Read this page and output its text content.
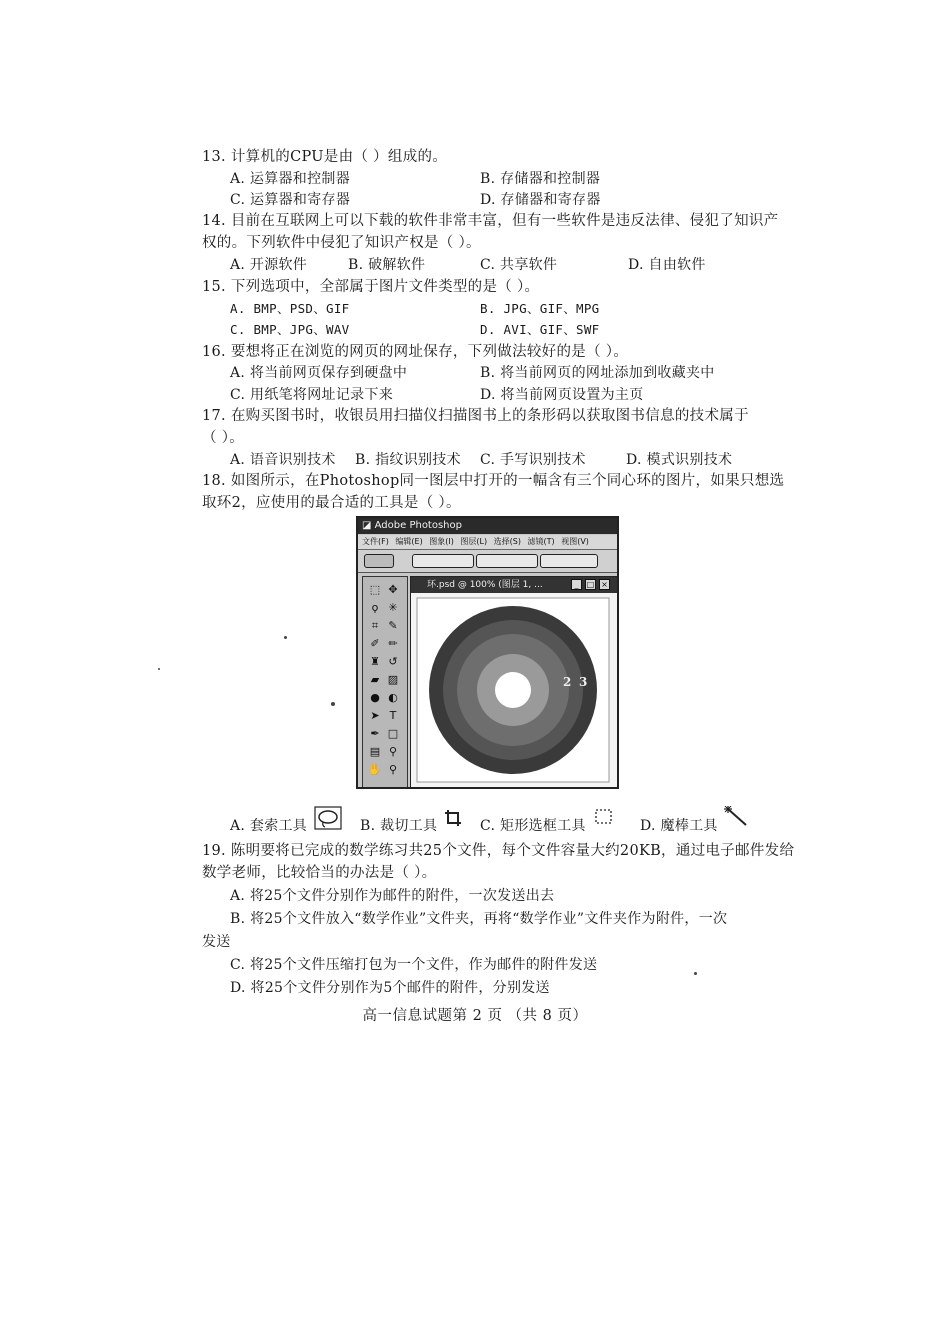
13. 计算机的CPU是由（ ）组成的。
A. 运算器和控制器	B. 存储器和控制器
C. 运算器和寄存器	D. 存储器和寄存器
14. 目前在互联网上可以下载的软件非常丰富，但有一些软件是违反法律、侵犯了知识产
权的。下列软件中侵犯了知识产权是（ ）。
A. 开源软件	B. 破解软件	C. 共享软件	D. 自由软件
15. 下列选项中，全部属于图片文件类型的是（ ）。
A. BMP、PSD、GIF	B. JPG、GIF、MPG
C. BMP、JPG、WAV	D. AVI、GIF、SWF
16. 要想将正在浏览的网页的网址保存，下列做法较好的是（ ）。
A. 将当前网页保存到硬盘中	B. 将当前网页的网址添加到收藏夹中
C. 用纸笔将网址记录下来	D. 将当前网页设置为主页
17. 在购买图书时，收银员用扫描仪扫描图书上的条形码以获取图书信息的技术属于
（ ）。
A. 语音识别技术 B. 指纹识别技术 C. 手写识别技术	D. 模式识别技术
18. 如图所示，在Photoshop同一图层中打开的一幅含有三个同心环的图片，如果只想选
取环2，应使用的最合适的工具是（ ）。
◪ Adobe Photoshop
文件(F) 编辑(E) 图象(I) 图层(L) 选择(S) 滤镜(T) 视图(V)
⬚ ✥
ϙ ✳
⌗ ✎
✐ ✏
♜ ↺
▰ ▨
● ◐
➤ T
✒ □
▤ ⚲
✋ ⚲
环.psd @ 100% (图层 1, ...	_	□ ×
2 3
A. 套索工具	B. 裁切工具	C. 矩形选框工具	D. 魔棒工具
19. 陈明要将已完成的数学练习共25个文件，每个文件容量大约20KB，通过电子邮件发给
数学老师，比较恰当的办法是（ ）。
A. 将25个文件分别作为邮件的附件，一次发送出去
B. 将25个文件放入“数学作业”文件夹，再将“数学作业”文件夹作为附件，一次
发送
C. 将25个文件压缩打包为一个文件，作为邮件的附件发送
D. 将25个文件分别作为5个邮件的附件，分别发送
高一信息试题第 2 页 （共 8 页）
